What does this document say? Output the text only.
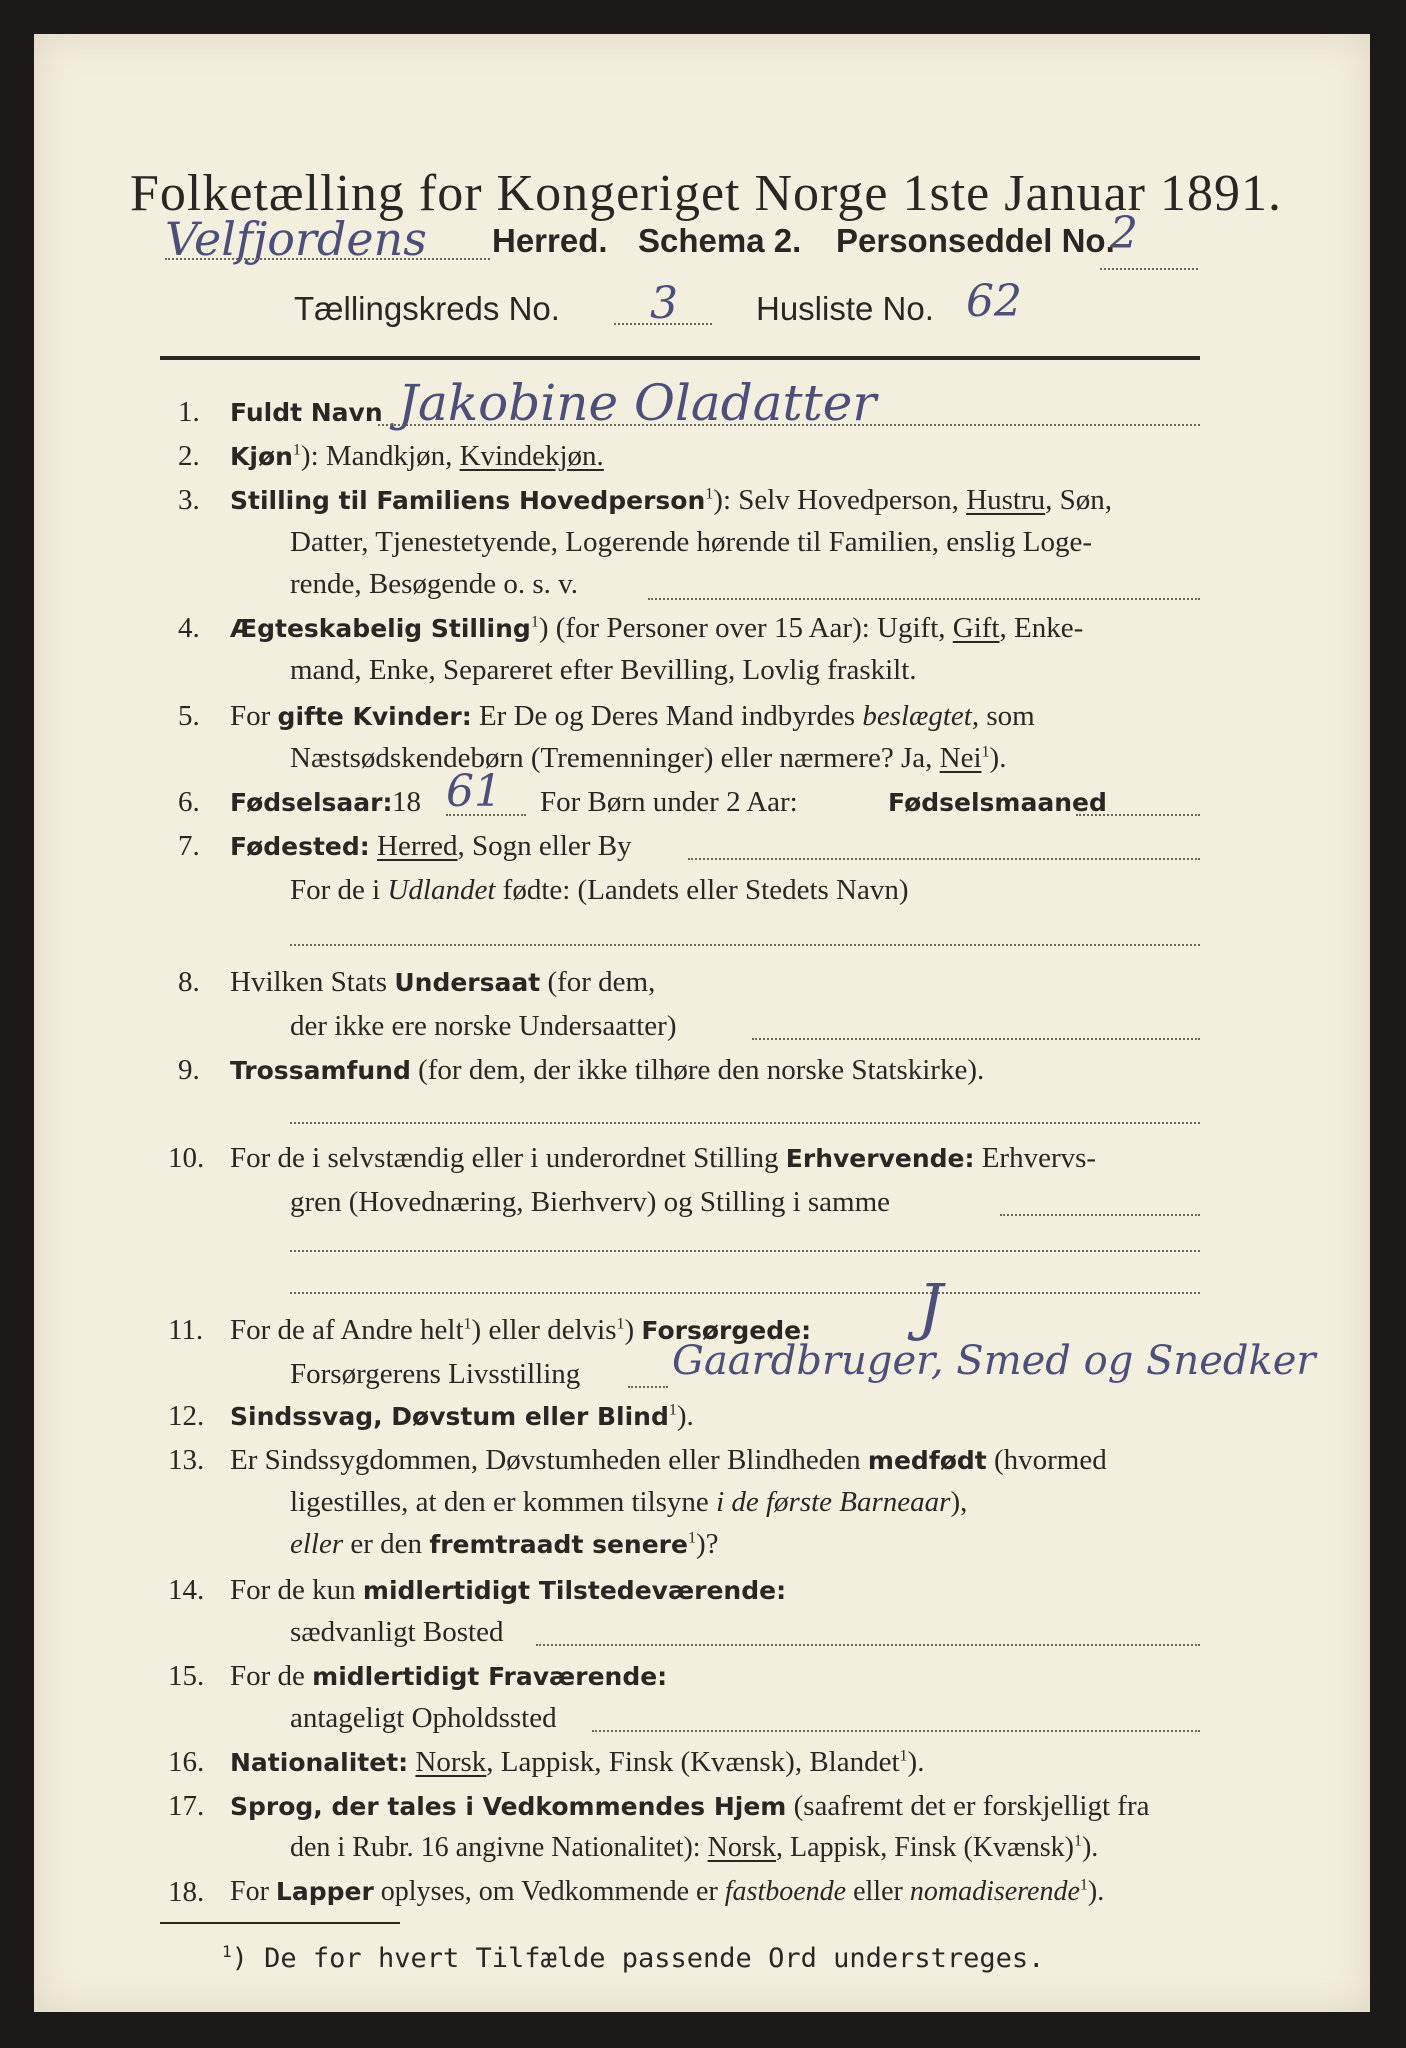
Folketælling for Kongeriget Norge 1ste Januar 1891.
Velfjordens Herred. Schema 2. Personseddel No.
2
Tællingskreds No. 3 Husliste No. 62
1. Fuldt Navn Jakobine Oladatter
2. Kjøn$^1$): Mandkjøn, Kvindekjøn.
3. Stilling til Familiens Hovedperson$^1$): Selv Hovedperson, Hustru, Søn,
Datter, Tjenestetyende, Logerende hørende til Familien, enslig Loge-
rende, Besøgende o. s. v.
4. Ægteskabelig Stilling$^1$) (for Personer over 15 Aar): Ugift, Gift, Enke-
mand, Enke, Separeret efter Bevilling, Lovlig fraskilt.
5. For gifte Kvinder: Er De og Deres Mand indbyrdes beslægtet, som
Næstsødskendebørn (Tremenninger) eller nærmere? Ja, Nei$^1$).
6. Fødselsaar: 18 61 For Børn under 2 Aar:	Fødselsmaaned
7. Fødested: Herred, Sogn eller By
For de i Udlandet fødte: (Landets eller Stedets Navn)
8. Hvilken Stats Undersaat (for dem,
der ikke ere norske Undersaatter)
9. Trossamfund (for dem, der ikke tilhøre den norske Statskirke).
10. For de i selvstændig eller i underordnet Stilling Erhvervende: Erhvervs-
gren (Hovednæring, Bierhverv) og Stilling i samme
11. For de af Andre helt$^1$) eller delvis$^1$) Forsørgede: J
Forsørgerens Livsstilling Gaardbruger, Smed og Snedker
12. Sindssvag, Døvstum eller Blind$^1$).
13. Er Sindssygdommen, Døvstumheden eller Blindheden medfødt (hvormed
ligestilles, at den er kommen tilsyne i de første Barneaar),
eller er den fremtraadt senere$^1$)?
14. For de kun midlertidigt Tilstedeværende:
sædvanligt Bosted
15. For de midlertidigt Fraværende:
antageligt Opholdssted
16. Nationalitet: Norsk, Lappisk, Finsk (Kvænsk), Blandet$^1$).
17. Sprog, der tales i Vedkommendes Hjem (saafremt det er forskjelligt fra
den i Rubr. 16 angivne Nationalitet): Norsk, Lappisk, Finsk (Kvænsk)$^1$).
18. For Lapper oplyses, om Vedkommende er fastboende eller nomadiserende$^1$).
$^1$) De for hvert Tilfælde passende Ord understreges.
